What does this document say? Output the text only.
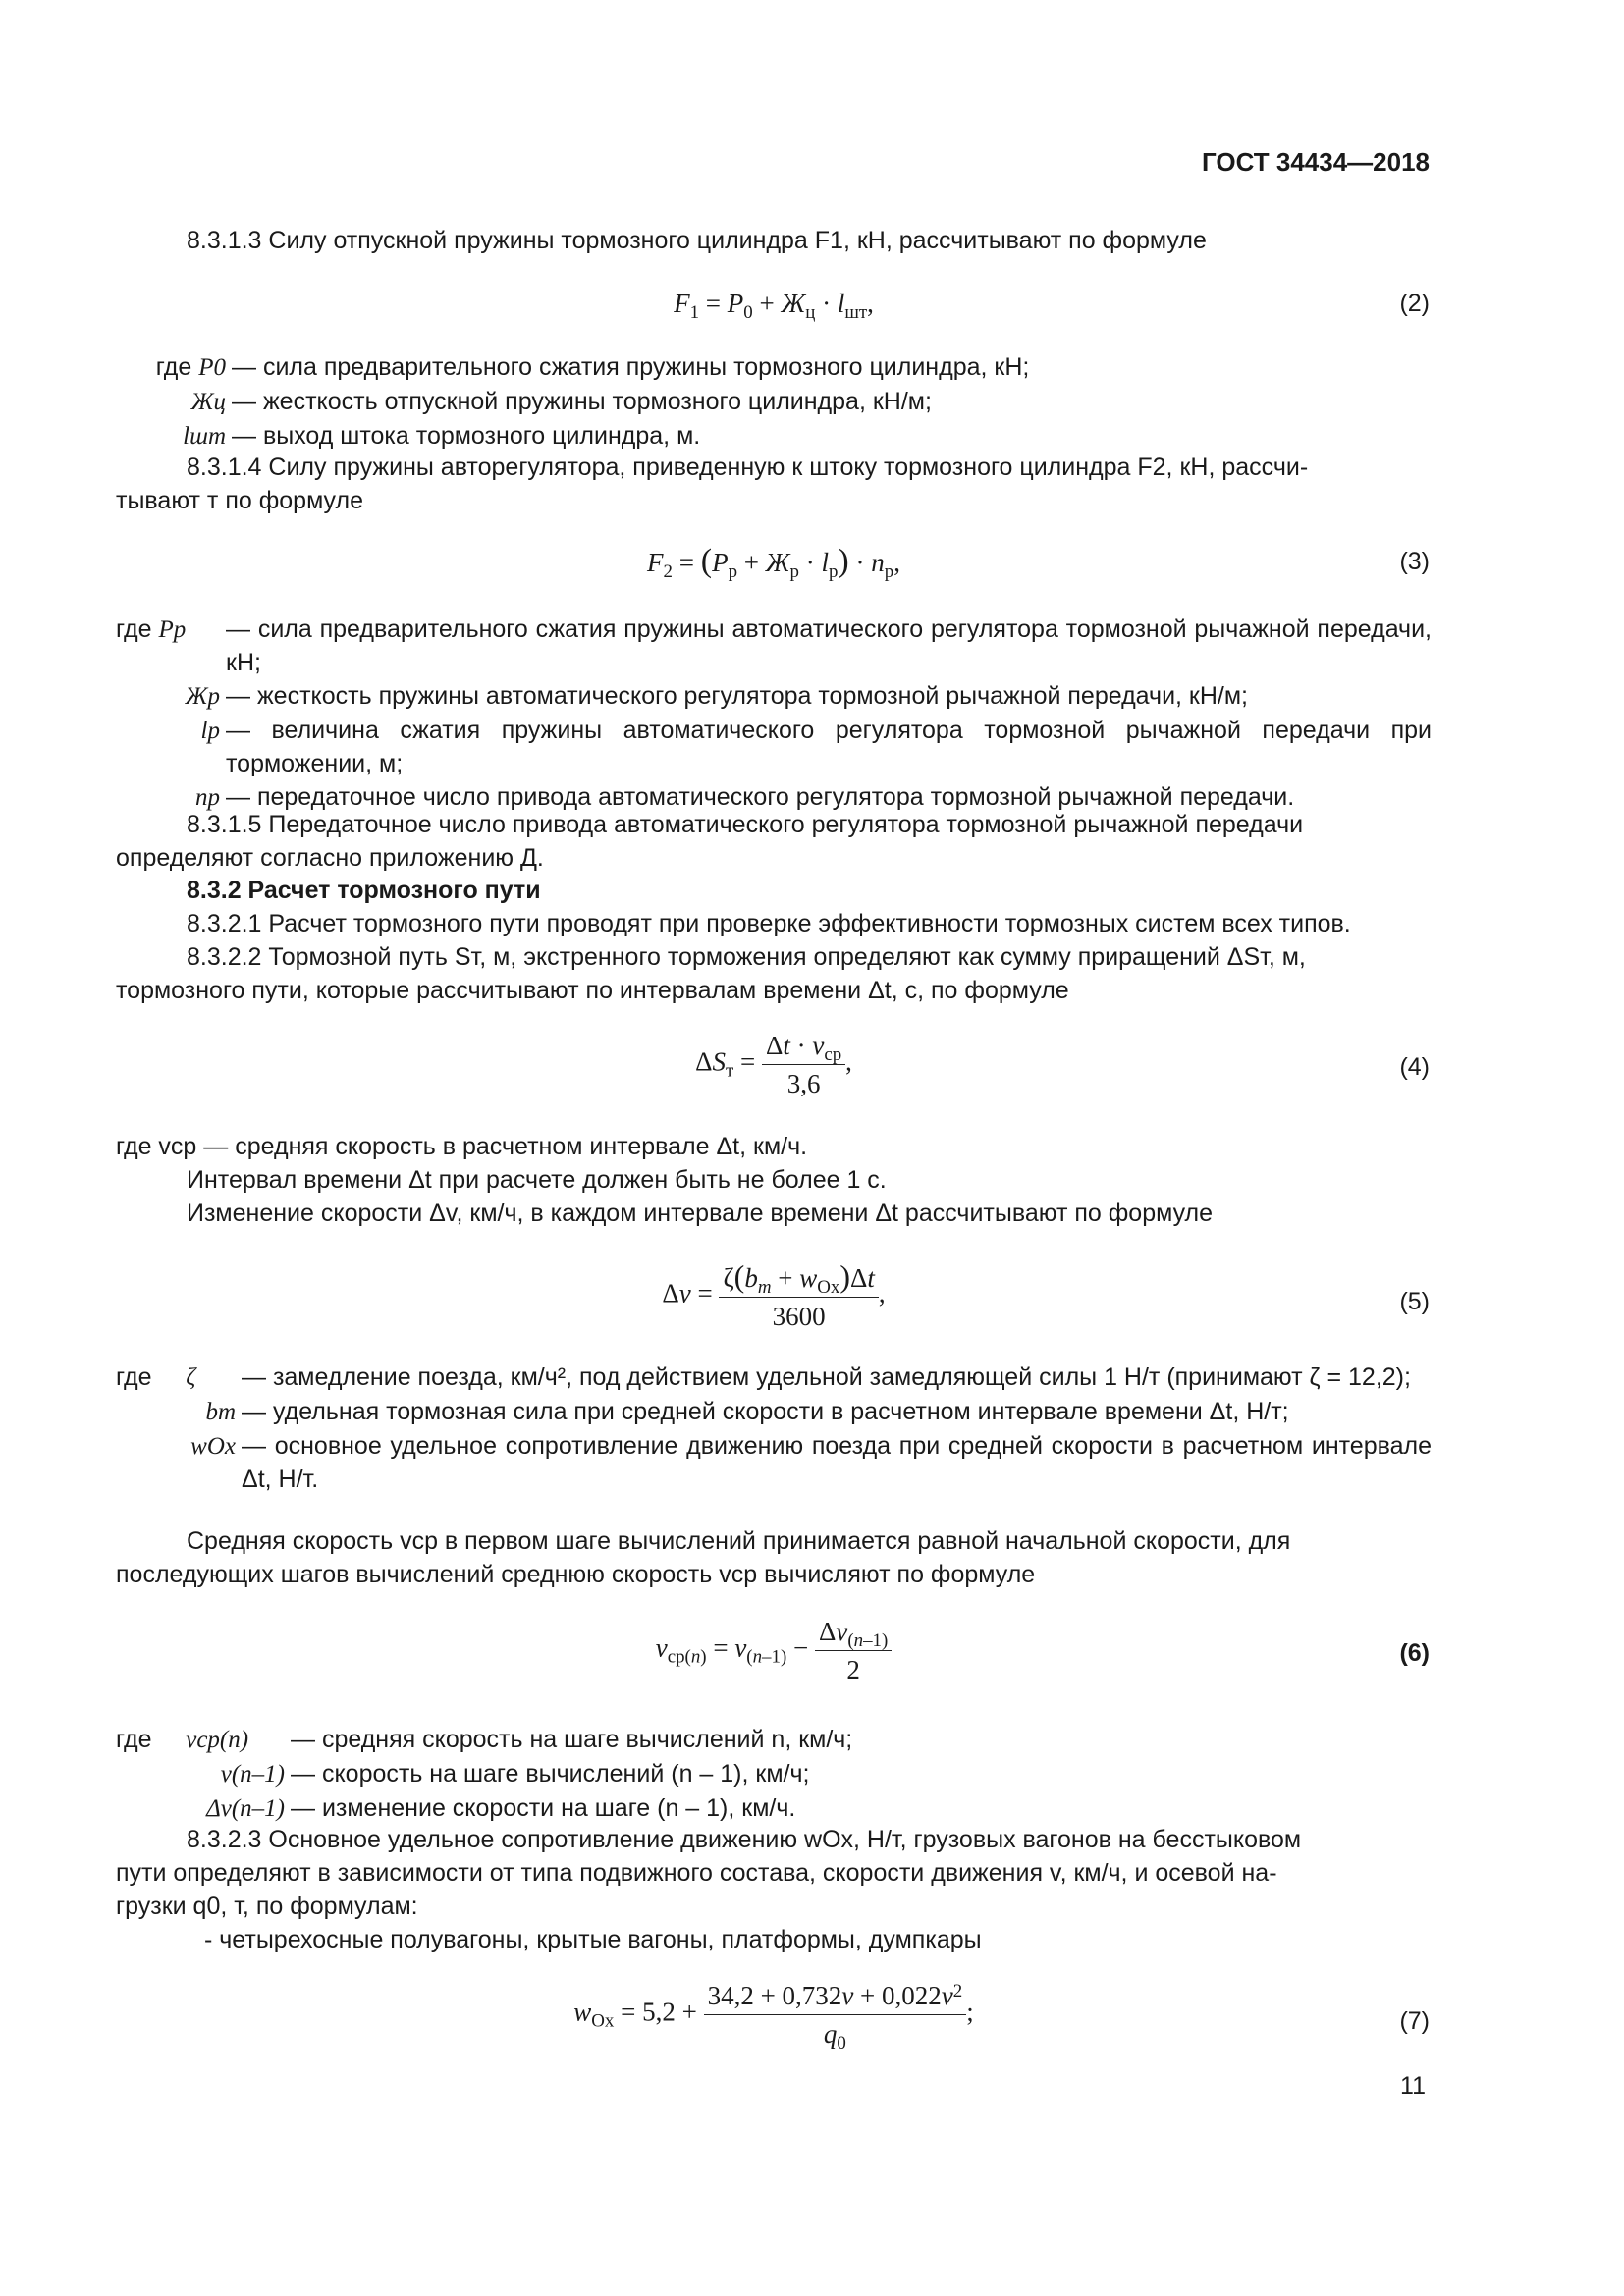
ГОСТ 34434—2018
8.3.1.3 Силу отпускной пружины тормозного цилиндра F1, кН, рассчитывают по формуле
$F_1 = P_0 + Ж_ц \cdot l_{шт}$,	(2)
где P0	— сила предварительного сжатия пружины тормозного цилиндра, кН;
Жц	— жесткость отпускной пружины тормозного цилиндра, кН/м;
lшт	— выход штока тормозного цилиндра, м.
8.3.1.4 Силу пружины авторегулятора, приведенную к штоку тормозного цилиндра F2, кН, рассчи-
тывают т по формуле
$F_2 = (P_р + Ж_р \cdot l_р) \cdot n_р$,	(3)
где Pр	— сила предварительного сжатия пружины автоматического регулятора тормозной рычажной передачи, кН;
Жр	— жесткость пружины автоматического регулятора тормозной рычажной передачи, кН/м;
lр	— величина сжатия пружины автоматического регулятора тормозной рычажной передачи при торможении, м;
nр	— передаточное число привода автоматического регулятора тормозной рычажной передачи.
8.3.1.5 Передаточное число привода автоматического регулятора тормозной рычажной передачи
определяют согласно приложению Д.
8.3.2 Расчет тормозного пути
8.3.2.1 Расчет тормозного пути проводят при проверке эффективности тормозных систем всех типов.
8.3.2.2 Тормозной путь Sт, м, экстренного торможения определяют как сумму приращений ΔSт, м,
тормозного пути, которые рассчитывают по интервалам времени Δt, с, по формуле
$\Delta S_т = \frac{\Delta t \cdot v_{ср}}{3,6}$ ,	(4)
где vср — средняя скорость в расчетном интервале Δt, км/ч.
Интервал времени Δt при расчете должен быть не более 1 с.
Изменение скорости Δv, км/ч, в каждом интервале времени Δt рассчитывают по формуле
$\Delta v = \frac{\zeta(b_m + w_{Ox})\Delta t}{3600}$ ,	(5)
где ζ	— замедление поезда, км/ч², под действием удельной замедляющей силы 1 Н/т (принимают ζ = 12,2);
bm	— удельная тормозная сила при средней скорости в расчетном интервале времени Δt, Н/т;
wOx	— основное удельное сопротивление движению поезда при средней скорости в расчетном интервале Δt, Н/т.
Средняя скорость vср в первом шаге вычислений принимается равной начальной скорости, для
последующих шагов вычислений среднюю скорость vср вычисляют по формуле
$v_{ср(n)} = v_{(n-1)} - \frac{\Delta v_{(n-1)}}{2}$	(6)
где vср(n)	— средняя скорость на шаге вычислений n, км/ч;
v(n–1)	— скорость на шаге вычислений (n – 1), км/ч;
Δv(n–1)	— изменение скорости на шаге (n – 1), км/ч.
8.3.2.3 Основное удельное сопротивление движению wOx, Н/т, грузовых вагонов на бесстыковом
пути определяют в зависимости от типа подвижного состава, скорости движения v, км/ч, и осевой на-
грузки q0, т, по формулам:
- четырехосные полувагоны, крытые вагоны, платформы, думпкары
$w_{Ox} = 5,2 + \frac{34,2 + 0,732v + 0,022v^2}{q_0}$ ;	(7)
11
